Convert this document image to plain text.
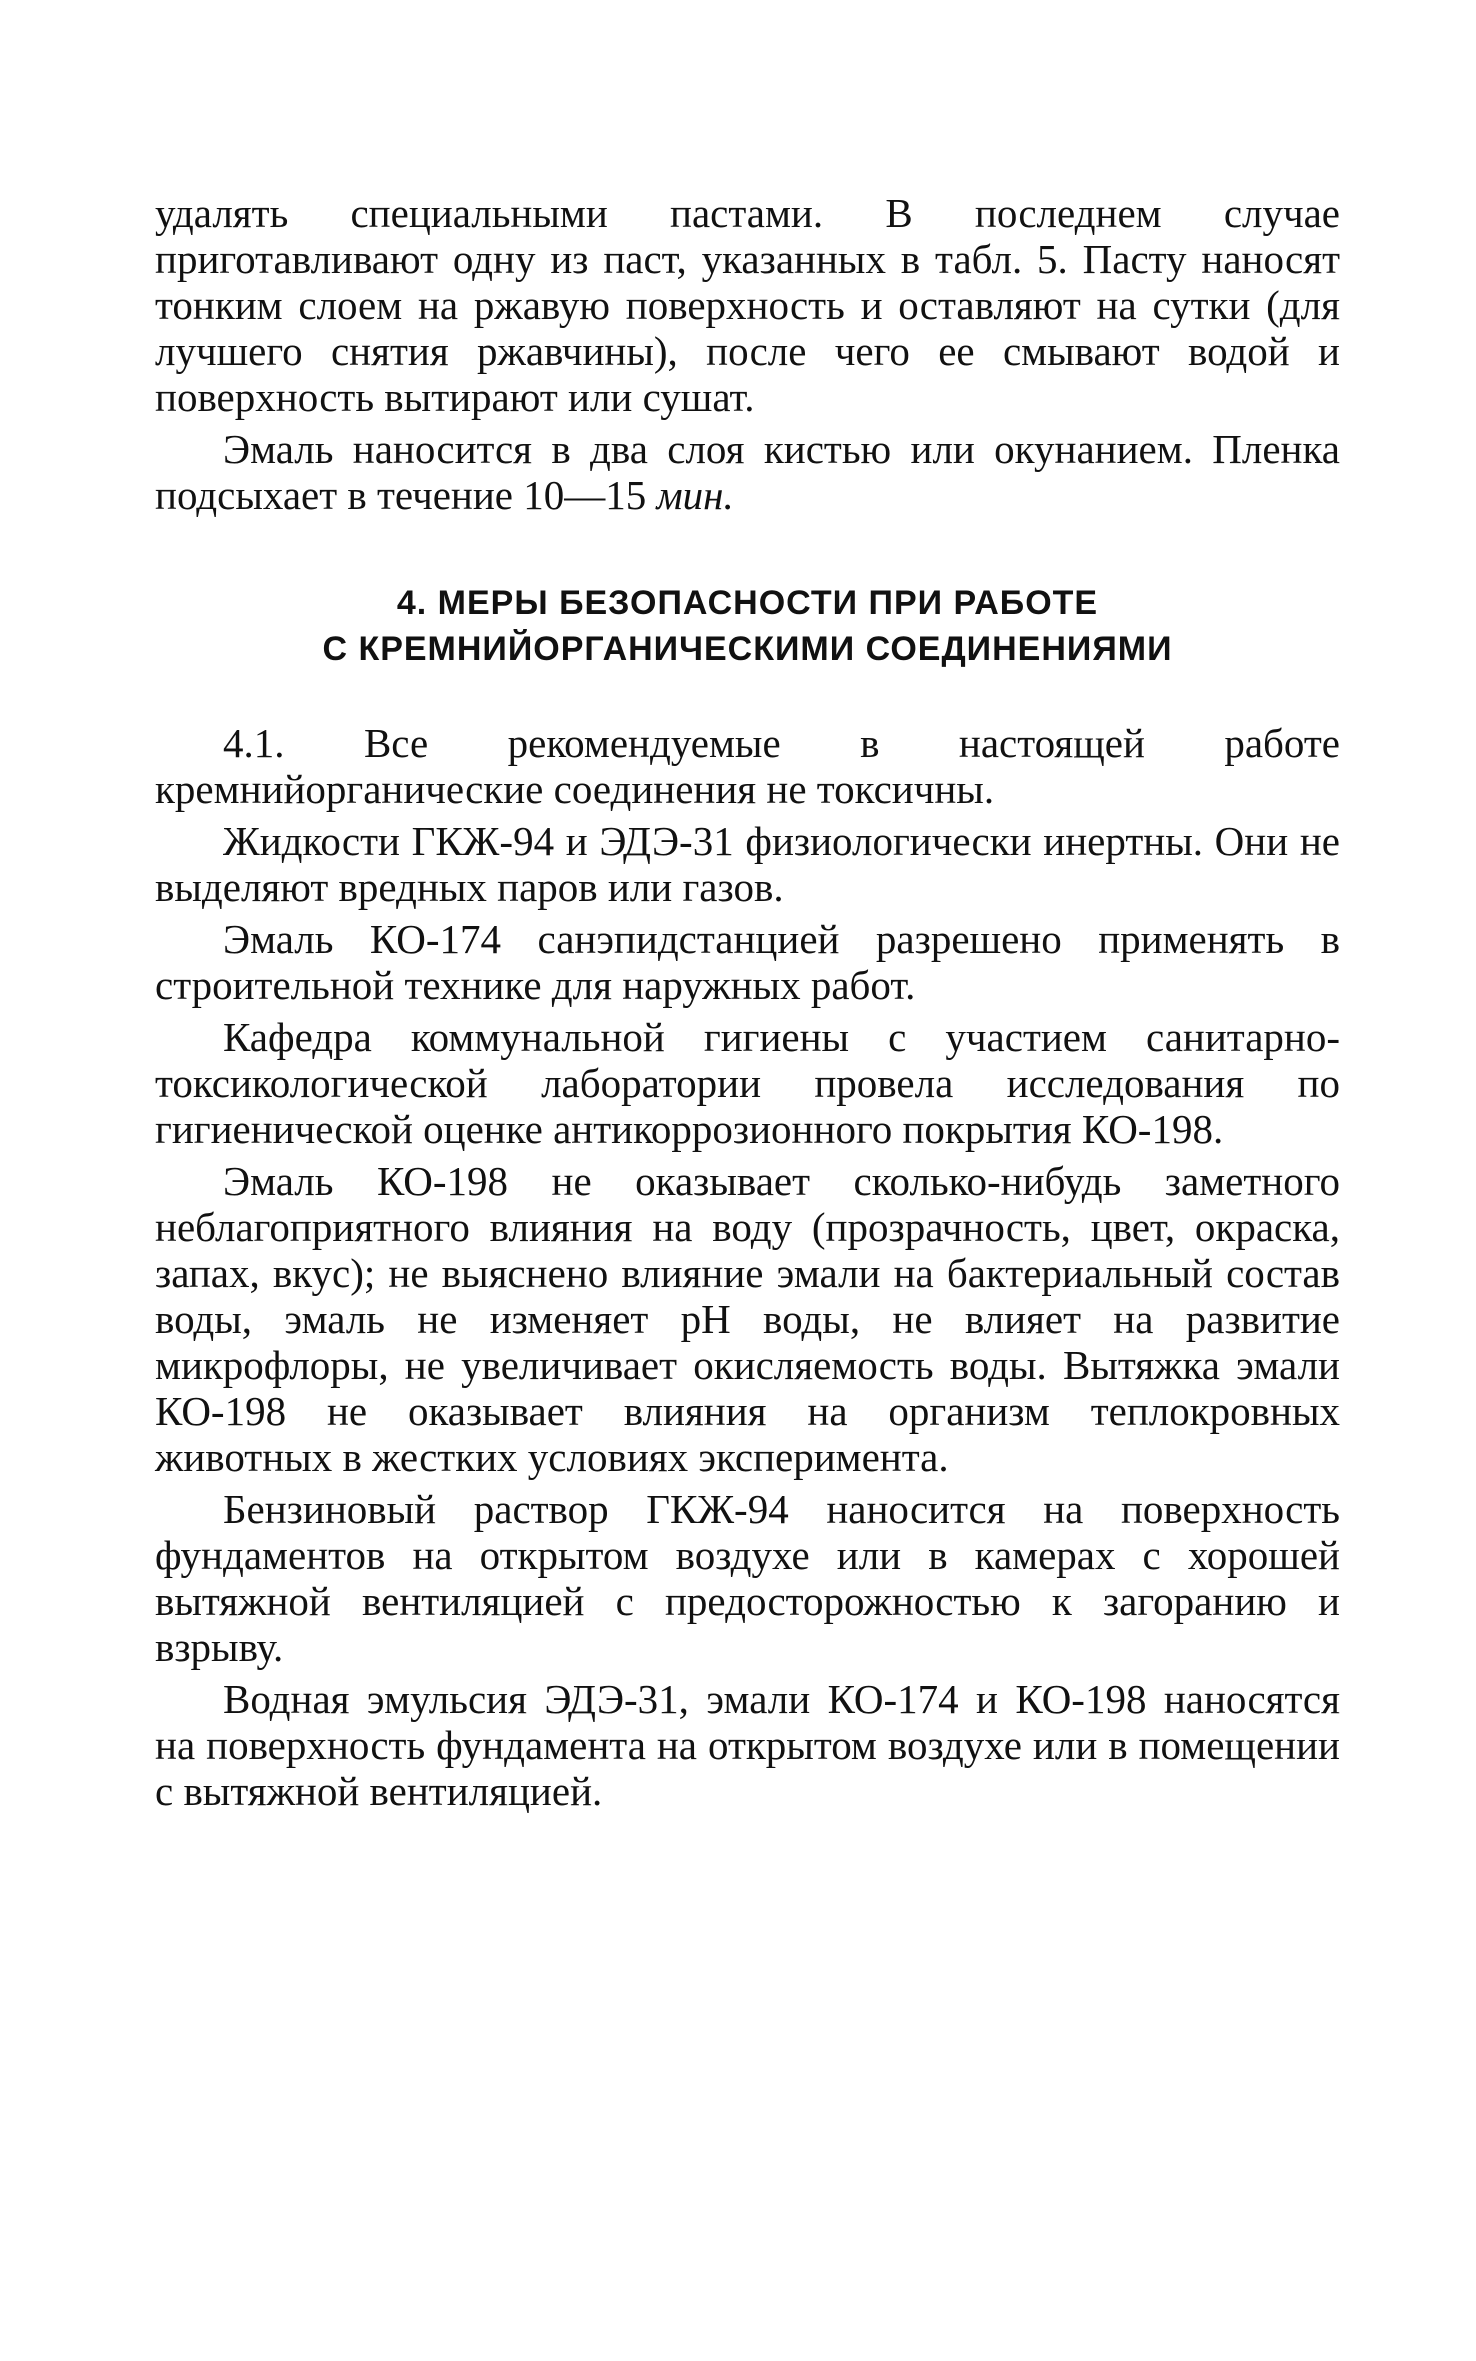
удалять специальными пастами. В последнем случае приготавливают одну из паст, указанных в табл. 5. Пасту наносят тонким слоем на ржавую поверхность и оставляют на сутки (для лучшего снятия ржавчины), после чего ее смывают водой и поверхность вытирают или сушат.

Эмаль наносится в два слоя кистью или окунанием. Пленка подсыхает в течение 10—15 мин.

4. МЕРЫ БЕЗОПАСНОСТИ ПРИ РАБОТЕ
С КРЕМНИЙОРГАНИЧЕСКИМИ СОЕДИНЕНИЯМИ

4.1. Все рекомендуемые в настоящей работе кремнийорганические соединения не токсичны.

Жидкости ГКЖ-94 и ЭДЭ-31 физиологически инертны. Они не выделяют вредных паров или газов.

Эмаль КО-174 санэпидстанцией разрешено применять в строительной технике для наружных работ.

Кафедра коммунальной гигиены с участием санитарно-токсикологической лаборатории провела исследования по гигиенической оценке антикоррозионного покрытия КО-198.

Эмаль КО-198 не оказывает сколько-нибудь заметного неблагоприятного влияния на воду (прозрачность, цвет, окраска, запах, вкус); не выяснено влияние эмали на бактериальный состав воды, эмаль не изменяет рН воды, не влияет на развитие микрофлоры, не увеличивает окисляемость воды. Вытяжка эмали КО-198 не оказывает влияния на организм теплокровных животных в жестких условиях эксперимента.

Бензиновый раствор ГКЖ-94 наносится на поверхность фундаментов на открытом воздухе или в камерах с хорошей вытяжной вентиляцией с предосторожностью к загоранию и взрыву.

Водная эмульсия ЭДЭ-31, эмали КО-174 и КО-198 наносятся на поверхность фундамента на открытом воздухе или в помещении с вытяжной вентиляцией.
